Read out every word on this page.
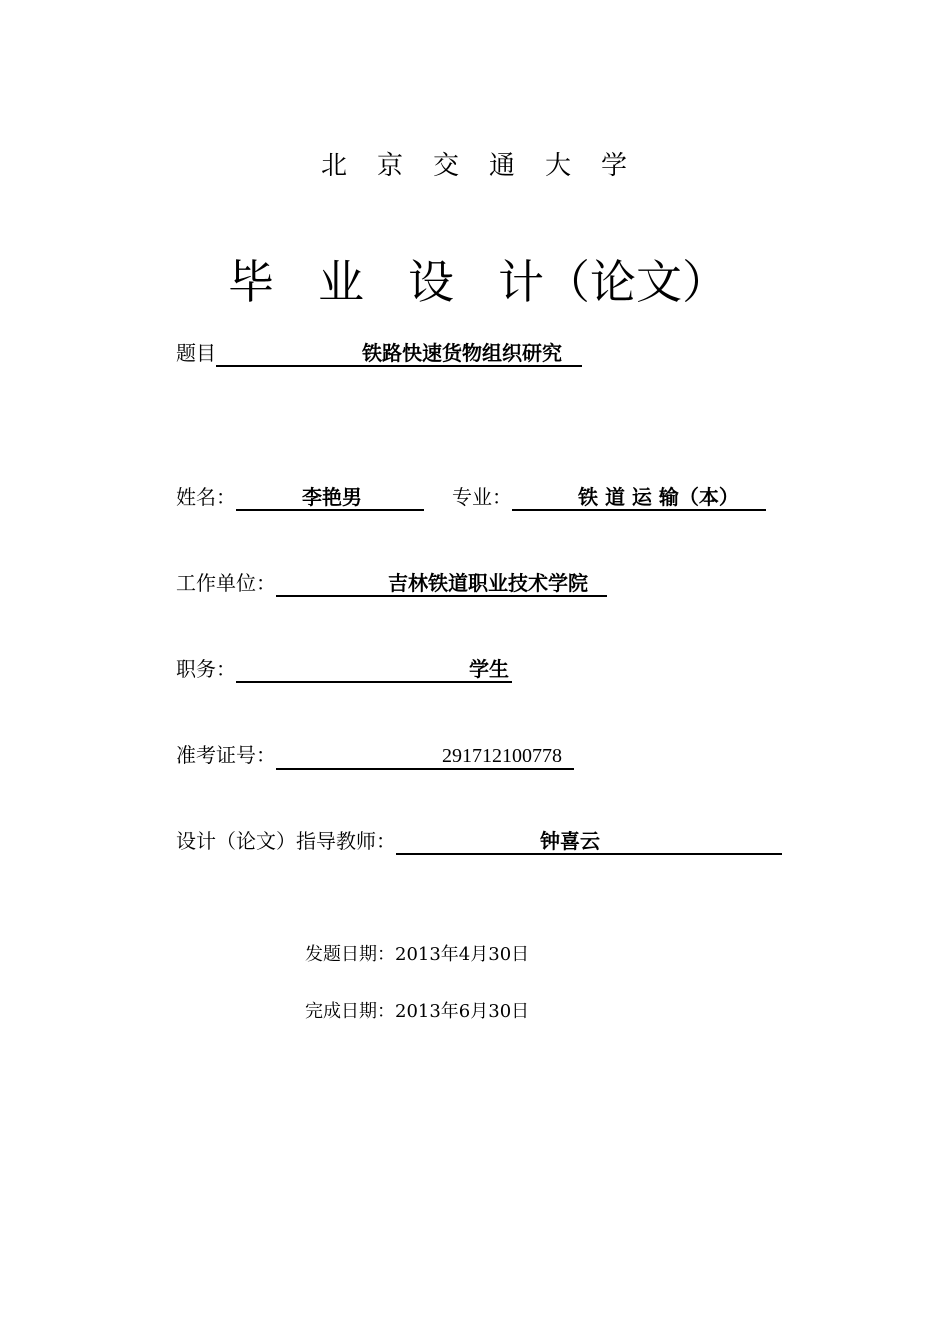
北京交通大学
毕 业 设 计（论文）
题目	铁路快速货物组织研究
姓名：	李艳男	专业：	铁 道 运 输（本）
工作单位：	吉林铁道职业技术学院
职务：	学生
准考证号：	291712100778
设计（论文）指导教师：	钟喜云
发题日期：2013年4月30日
完成日期：2013年6月30日
